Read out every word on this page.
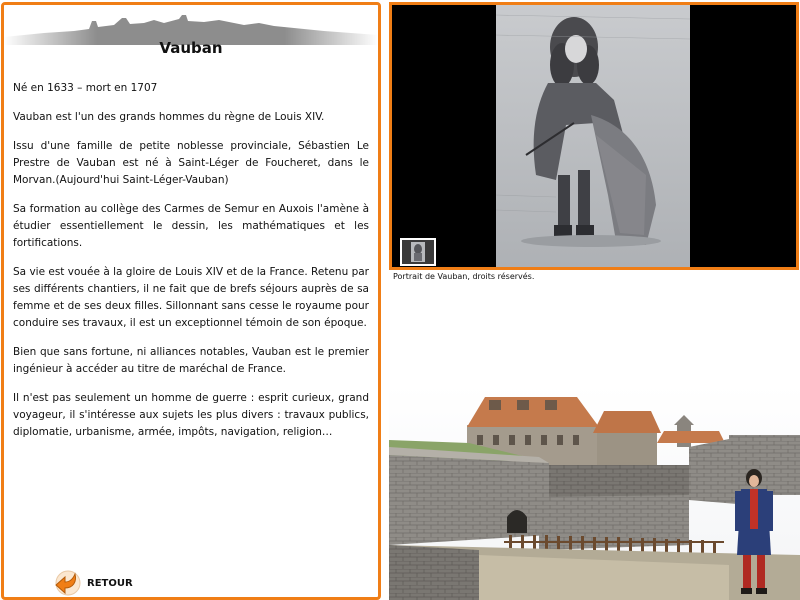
Vauban

Né en 1633 – mort en 1707

Vauban est l'un des grands hommes du règne de Louis XIV.

Issu d'une famille de petite noblesse provinciale, Sébastien Le Prestre de Vauban est né à Saint-Léger de Foucheret, dans le Morvan.(Aujourd'hui Saint-Léger-Vauban)

Sa formation au collège des Carmes de Semur en Auxois l'amène à étudier essentiellement le dessin, les mathématiques et les fortifications.

Sa vie est vouée à la gloire de Louis XIV et de la France. Retenu par ses différents chantiers, il ne fait que de brefs séjours auprès de sa femme et de ses deux filles. Sillonnant sans cesse le royaume pour conduire ses travaux, il est un exceptionnel témoin de son époque.

Bien que sans fortune, ni alliances notables, Vauban est le premier ingénieur à accéder au titre de maréchal de France.

Il n'est pas seulement un homme de guerre : esprit curieux, grand voyageur, il s'intéresse aux sujets les plus divers : travaux publics, diplomatie, urbanisme, armée, impôts, navigation, religion…

RETOUR
Portrait de Vauban, droits réservés.
